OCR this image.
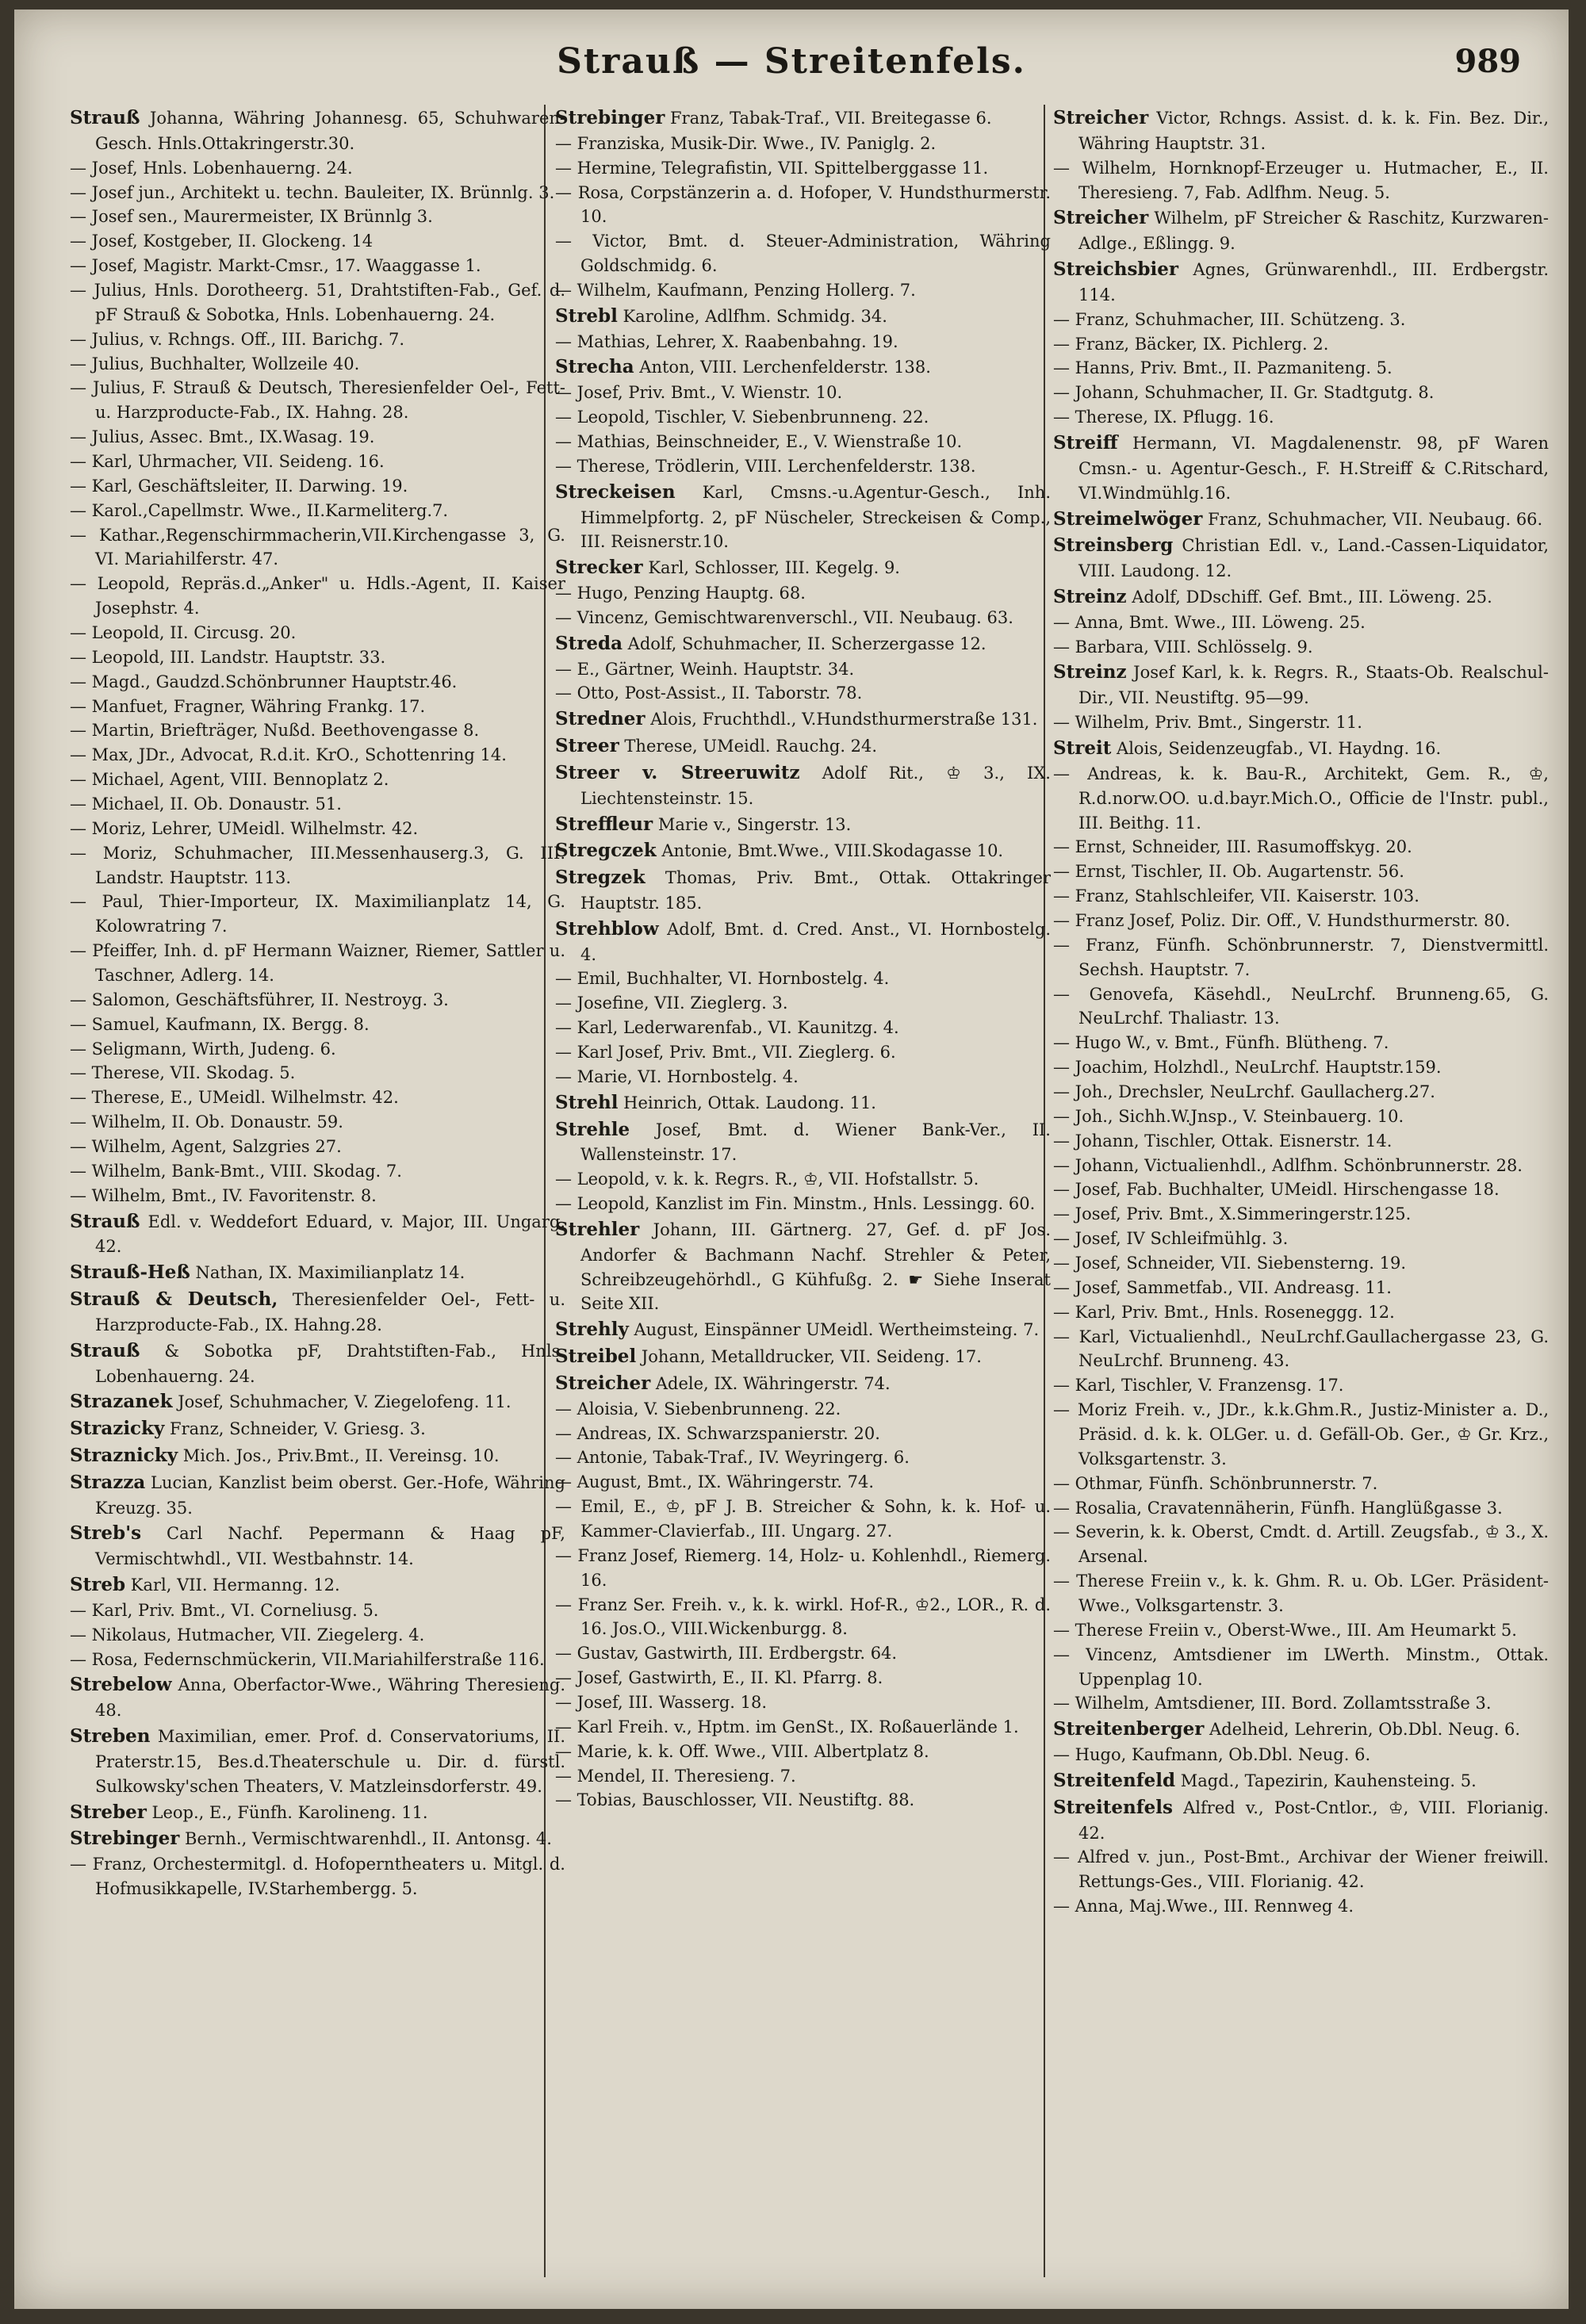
Strauß — Streitenfels.	989

Strauß Johanna, Währing Johannesg. 65, Schuhwaren-Gesch. Hnls.Ottakringerstr.30.

— Josef, Hnls. Lobenhauerng. 24.

— Josef jun., Architekt u. techn. Bauleiter, IX. Brünnlg. 3.

— Josef sen., Maurermeister, IX Brünnlg 3.

— Josef, Kostgeber, II. Glockeng. 14

— Josef, Magistr. Markt-Cmsr., 17. Waaggasse 1.

— Julius, Hnls. Dorotheerg. 51, Drahtstiften-Fab., Gef. d. pF Strauß & Sobotka, Hnls. Lobenhauerng. 24.

— Julius, v. Rchngs. Off., III. Barichg. 7.

— Julius, Buchhalter, Wollzeile 40.

— Julius, F. Strauß & Deutsch, Theresienfelder Oel-, Fett- u. Harzproducte-Fab., IX. Hahng. 28.

— Julius, Assec. Bmt., IX.Wasag. 19.

— Karl, Uhrmacher, VII. Seideng. 16.

— Karl, Geschäftsleiter, II. Darwing. 19.

— Karol.,Capellmstr. Wwe., II.Karmeliterg.7.

— Kathar.,Regenschirmmacherin,VII.Kirchengasse 3, G. VI. Mariahilferstr. 47.

— Leopold, Repräs.d.„Anker" u. Hdls.-Agent, II. Kaiser Josephstr. 4.

— Leopold, II. Circusg. 20.

— Leopold, III. Landstr. Hauptstr. 33.

— Magd., Gaudzd.Schönbrunner Hauptstr.46.

— Manfuet, Fragner, Währing Frankg. 17.

— Martin, Briefträger, Nußd. Beethovengasse 8.

— Max, JDr., Advocat, R.d.it. KrO., Schottenring 14.

— Michael, Agent, VIII. Bennoplatz 2.

— Michael, II. Ob. Donaustr. 51.

— Moriz, Lehrer, UMeidl. Wilhelmstr. 42.

— Moriz, Schuhmacher, III.Messenhauserg.3, G. III. Landstr. Hauptstr. 113.

— Paul, Thier-Importeur, IX. Maximilianplatz 14, G. Kolowratring 7.

— Pfeiffer, Inh. d. pF Hermann Waizner, Riemer, Sattler u. Taschner, Adlerg. 14.

— Salomon, Geschäftsführer, II. Nestroyg. 3.

— Samuel, Kaufmann, IX. Bergg. 8.

— Seligmann, Wirth, Judeng. 6.

— Therese, VII. Skodag. 5.

— Therese, E., UMeidl. Wilhelmstr. 42.

— Wilhelm, II. Ob. Donaustr. 59.

— Wilhelm, Agent, Salzgries 27.

— Wilhelm, Bank-Bmt., VIII. Skodag. 7.

— Wilhelm, Bmt., IV. Favoritenstr. 8.

Strauß Edl. v. Weddefort Eduard, v. Major, III. Ungarg. 42.

Strauß-Heß Nathan, IX. Maximilianplatz 14.

Strauß & Deutsch, Theresienfelder Oel-, Fett- u. Harzproducte-Fab., IX. Hahng.28.

Strauß & Sobotka pF, Drahtstiften-Fab., Hnls. Lobenhauerng. 24.

Strazanek Josef, Schuhmacher, V. Ziegelofeng. 11.

Strazicky Franz, Schneider, V. Griesg. 3.

Straznicky Mich. Jos., Priv.Bmt., II. Vereinsg. 10.

Strazza Lucian, Kanzlist beim oberst. Ger.-Hofe, Währing Kreuzg. 35.

Streb's Carl Nachf. Pepermann & Haag pF, Vermischtwhdl., VII. Westbahnstr. 14.

Streb Karl, VII. Hermanng. 12.

— Karl, Priv. Bmt., VI. Corneliusg. 5.

— Nikolaus, Hutmacher, VII. Ziegelerg. 4.

— Rosa, Federnschmückerin, VII.Mariahilferstraße 116.

Strebelow Anna, Oberfactor-Wwe., Währing Theresieng. 48.

Streben Maximilian, emer. Prof. d. Conservatoriums, II. Praterstr.15, Bes.d.Theaterschule u. Dir. d. fürstl. Sulkowsky'schen Theaters, V. Matzleinsdorferstr. 49.

Streber Leop., E., Fünfh. Karolineng. 11.

Strebinger Bernh., Vermischtwarenhdl., II. Antonsg. 4.

— Franz, Orchestermitgl. d. Hofoperntheaters u. Mitgl. d. Hofmusikkapelle, IV.Starhembergg. 5.

Strebinger Franz, Tabak-Traf., VII. Breitegasse 6.

— Franziska, Musik-Dir. Wwe., IV. Paniglg. 2.

— Hermine, Telegrafistin, VII. Spittelberggasse 11.

— Rosa, Corpstänzerin a. d. Hofoper, V. Hundsthurmerstr. 10.

— Victor, Bmt. d. Steuer-Administration, Währing Goldschmidg. 6.

— Wilhelm, Kaufmann, Penzing Hollerg. 7.

Strebl Karoline, Adlfhm. Schmidg. 34.

— Mathias, Lehrer, X. Raabenbahng. 19.

Strecha Anton, VIII. Lerchenfelderstr. 138.

— Josef, Priv. Bmt., V. Wienstr. 10.

— Leopold, Tischler, V. Siebenbrunneng. 22.

— Mathias, Beinschneider, E., V. Wienstraße 10.

— Therese, Trödlerin, VIII. Lerchenfelderstr. 138.

Streckeisen Karl, Cmsns.-u.Agentur-Gesch., Inh. Himmelpfortg. 2, pF Nüscheler, Streckeisen & Comp., III. Reisnerstr.10.

Strecker Karl, Schlosser, III. Kegelg. 9.

— Hugo, Penzing Hauptg. 68.

— Vincenz, Gemischtwarenverschl., VII. Neubaug. 63.

Streda Adolf, Schuhmacher, II. Scherzergasse 12.

— E., Gärtner, Weinh. Hauptstr. 34.

— Otto, Post-Assist., II. Taborstr. 78.

Stredner Alois, Fruchthdl., V.Hundsthurmerstraße 131.

Streer Therese, UMeidl. Rauchg. 24.

Streer v. Streeruwitz Adolf Rit., ♔ 3., IX. Liechtensteinstr. 15.

Streffleur Marie v., Singerstr. 13.

Stregczek Antonie, Bmt.Wwe., VIII.Skodagasse 10.

Stregzek Thomas, Priv. Bmt., Ottak. Ottakringer Hauptstr. 185.

Strehblow Adolf, Bmt. d. Cred. Anst., VI. Hornbostelg. 4.

— Emil, Buchhalter, VI. Hornbostelg. 4.

— Josefine, VII. Zieglerg. 3.

— Karl, Lederwarenfab., VI. Kaunitzg. 4.

— Karl Josef, Priv. Bmt., VII. Zieglerg. 6.

— Marie, VI. Hornbostelg. 4.

Strehl Heinrich, Ottak. Laudong. 11.

Strehle Josef, Bmt. d. Wiener Bank-Ver., II. Wallensteinstr. 17.

— Leopold, v. k. k. Regrs. R., ♔, VII. Hofstallstr. 5.

— Leopold, Kanzlist im Fin. Minstm., Hnls. Lessingg. 60.

Strehler Johann, III. Gärtnerg. 27, Gef. d. pF Jos. Andorfer & Bachmann Nachf. Strehler & Peter, Schreibzeugehörhdl., G Kühfußg. 2. ☛ Siehe Inserat Seite XII.

Strehly August, Einspänner UMeidl. Wertheimsteing. 7.

Streibel Johann, Metalldrucker, VII. Seideng. 17.

Streicher Adele, IX. Währingerstr. 74.

— Aloisia, V. Siebenbrunneng. 22.

— Andreas, IX. Schwarzspanierstr. 20.

— Antonie, Tabak-Traf., IV. Weyringerg. 6.

— August, Bmt., IX. Währingerstr. 74.

— Emil, E., ♔, pF J. B. Streicher & Sohn, k. k. Hof- u. Kammer-Clavierfab., III. Ungarg. 27.

— Franz Josef, Riemerg. 14, Holz- u. Kohlenhdl., Riemerg. 16.

— Franz Ser. Freih. v., k. k. wirkl. Hof-R., ♔2., LOR., R. d. 16. Jos.O., VIII.Wickenburgg. 8.

— Gustav, Gastwirth, III. Erdbergstr. 64.

— Josef, Gastwirth, E., II. Kl. Pfarrg. 8.

— Josef, III. Wasserg. 18.

— Karl Freih. v., Hptm. im GenSt., IX. Roßauerlände 1.

— Marie, k. k. Off. Wwe., VIII. Albertplatz 8.

— Mendel, II. Theresieng. 7.

— Tobias, Bauschlosser, VII. Neustiftg. 88.

Streicher Victor, Rchngs. Assist. d. k. k. Fin. Bez. Dir., Währing Hauptstr. 31.

— Wilhelm, Hornknopf-Erzeuger u. Hutmacher, E., II. Theresieng. 7, Fab. Adlfhm. Neug. 5.

Streicher Wilhelm, pF Streicher & Raschitz, Kurzwaren-Adlge., Eßlingg. 9.

Streichsbier Agnes, Grünwarenhdl., III. Erdbergstr. 114.

— Franz, Schuhmacher, III. Schützeng. 3.

— Franz, Bäcker, IX. Pichlerg. 2.

— Hanns, Priv. Bmt., II. Pazmaniteng. 5.

— Johann, Schuhmacher, II. Gr. Stadtgutg. 8.

— Therese, IX. Pflugg. 16.

Streiff Hermann, VI. Magdalenenstr. 98, pF Waren Cmsn.- u. Agentur-Gesch., F. H.Streiff & C.Ritschard, VI.Windmühlg.16.

Streimelwöger Franz, Schuhmacher, VII. Neubaug. 66.

Streinsberg Christian Edl. v., Land.-Cassen-Liquidator, VIII. Laudong. 12.

Streinz Adolf, DDschiff. Gef. Bmt., III. Löweng. 25.

— Anna, Bmt. Wwe., III. Löweng. 25.

— Barbara, VIII. Schlösselg. 9.

Streinz Josef Karl, k. k. Regrs. R., Staats-Ob. Realschul-Dir., VII. Neustiftg. 95—99.

— Wilhelm, Priv. Bmt., Singerstr. 11.

Streit Alois, Seidenzeugfab., VI. Haydng. 16.

— Andreas, k. k. Bau-R., Architekt, Gem. R., ♔, R.d.norw.OO. u.d.bayr.Mich.O., Officie de l'Instr. publ., III. Beithg. 11.

— Ernst, Schneider, III. Rasumoffskyg. 20.

— Ernst, Tischler, II. Ob. Augartenstr. 56.

— Franz, Stahlschleifer, VII. Kaiserstr. 103.

— Franz Josef, Poliz. Dir. Off., V. Hundsthurmerstr. 80.

— Franz, Fünfh. Schönbrunnerstr. 7, Dienstvermittl. Sechsh. Hauptstr. 7.

— Genovefa, Käsehdl., NeuLrchf. Brunneng.65, G. NeuLrchf. Thaliastr. 13.

— Hugo W., v. Bmt., Fünfh. Blütheng. 7.

— Joachim, Holzhdl., NeuLrchf. Hauptstr.159.

— Joh., Drechsler, NeuLrchf. Gaullacherg.27.

— Joh., Sichh.W.Jnsp., V. Steinbauerg. 10.

— Johann, Tischler, Ottak. Eisnerstr. 14.

— Johann, Victualienhdl., Adlfhm. Schönbrunnerstr. 28.

— Josef, Fab. Buchhalter, UMeidl. Hirschengasse 18.

— Josef, Priv. Bmt., X.Simmeringerstr.125.

— Josef, IV Schleifmühlg. 3.

— Josef, Schneider, VII. Siebensterng. 19.

— Josef, Sammetfab., VII. Andreasg. 11.

— Karl, Priv. Bmt., Hnls. Roseneggg. 12.

— Karl, Victualienhdl., NeuLrchf.Gaullachergasse 23, G. NeuLrchf. Brunneng. 43.

— Karl, Tischler, V. Franzensg. 17.

— Moriz Freih. v., JDr., k.k.Ghm.R., Justiz-Minister a. D., Präsid. d. k. k. OLGer. u. d. Gefäll-Ob. Ger., ♔ Gr. Krz., Volksgartenstr. 3.

— Othmar, Fünfh. Schönbrunnerstr. 7.

— Rosalia, Cravatennäherin, Fünfh. Hanglüßgasse 3.

— Severin, k. k. Oberst, Cmdt. d. Artill. Zeugsfab., ♔ 3., X. Arsenal.

— Therese Freiin v., k. k. Ghm. R. u. Ob. LGer. Präsident-Wwe., Volksgartenstr. 3.

— Therese Freiin v., Oberst-Wwe., III. Am Heumarkt 5.

— Vincenz, Amtsdiener im LWerth. Minstm., Ottak. Uppenplag 10.

— Wilhelm, Amtsdiener, III. Bord. Zollamtsstraße 3.

Streitenberger Adelheid, Lehrerin, Ob.Dbl. Neug. 6.

— Hugo, Kaufmann, Ob.Dbl. Neug. 6.

Streitenfeld Magd., Tapezirin, Kauhensteing. 5.

Streitenfels Alfred v., Post-Cntlor., ♔, VIII. Florianig. 42.

— Alfred v. jun., Post-Bmt., Archivar der Wiener freiwill. Rettungs-Ges., VIII. Florianig. 42.

— Anna, Maj.Wwe., III. Rennweg 4.
